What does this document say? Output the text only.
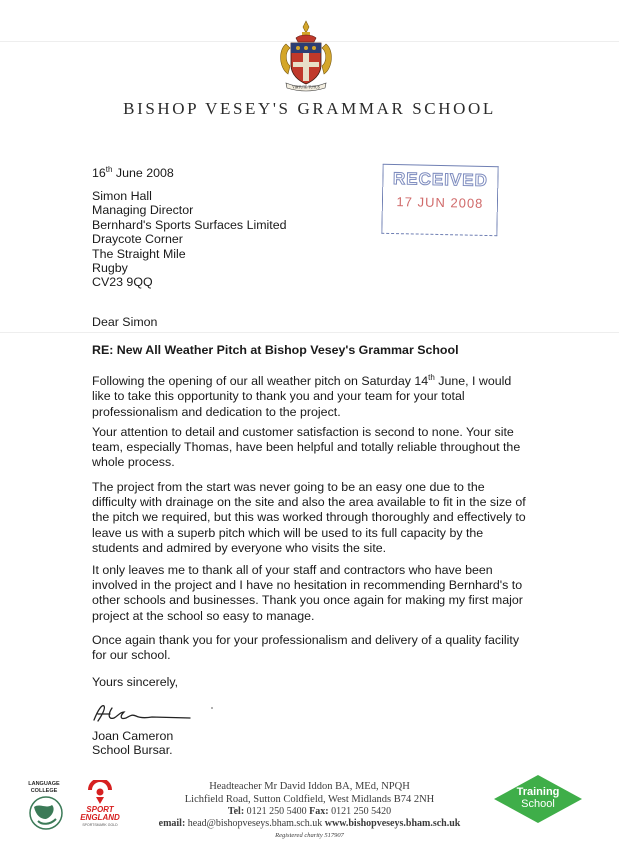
VIRTUTE TUTUS
BISHOP VESEY'S GRAMMAR SCHOOL
16th June 2008
Simon Hall
Managing Director
Bernhard's Sports Surfaces Limited
Draycote Corner
The Straight Mile
Rugby
CV23 9QQ
RECEIVED
17 JUN 2008
Dear Simon
RE: New All Weather Pitch at Bishop Vesey's Grammar School
Following the opening of our all weather pitch on Saturday 14th June, I would like to take this opportunity to thank you and your team for your total professionalism and dedication to the project.
Your attention to detail and customer satisfaction is second to none. Your site team, especially Thomas, have been helpful and totally reliable throughout the whole process.
The project from the start was never going to be an easy one due to the difficulty with drainage on the site and also the area available to fit in the size of the pitch we required, but this was worked through thoroughly and effectively to leave us with a superb pitch which will be used to its full capacity by the students and admired by everyone who visits the site.
It only leaves me to thank all of your staff and contractors who have been involved in the project and I have no hesitation in recommending Bernhard's to other schools and businesses. Thank you once again for making my first major project at the school so easy to manage.
Once again thank you for your professionalism and delivery of a quality facility for our school.
Yours sincerely,
Joan Cameron
School Bursar.
LANGUAGE
COLLEGE
SPORT
ENGLAND
SPORTSMARK GOLD
Headteacher Mr David Iddon BA, MEd, NPQH
Lichfield Road, Sutton Coldfield, West Midlands B74 2NH
Tel: 0121 250 5400 Fax: 0121 250 5420
email: head@bishopveseys.bham.sch.uk www.bishopveseys.bham.sch.uk
Registered charity 517907
Training
School
